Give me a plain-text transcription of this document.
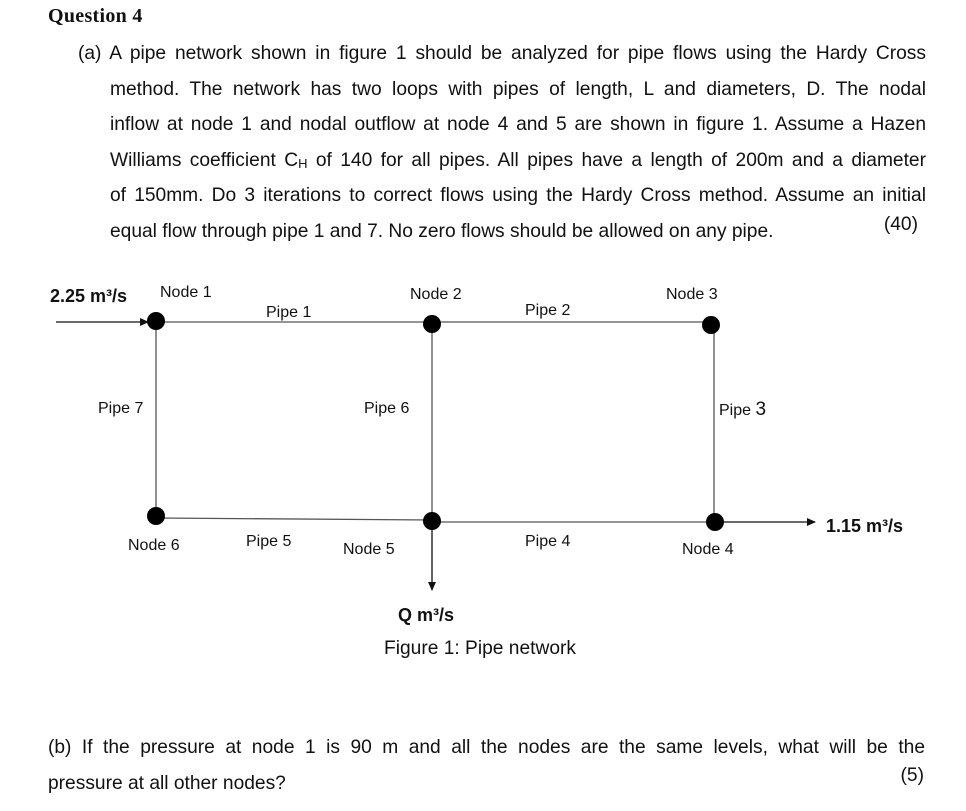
Question 4
(a) A pipe network shown in figure 1 should be analyzed for pipe flows using the Hardy Cross
method. The network has two loops with pipes of length, L and diameters, D. The nodal
inflow at node 1 and nodal outflow at node 4 and 5 are shown in figure 1. Assume a Hazen
Williams coefficient CH of 140 for all pipes. All pipes have a length of 200m and a diameter
of 150mm. Do 3 iterations to correct flows using the Hardy Cross method. Assume an initial
equal flow through pipe 1 and 7. No zero flows should be allowed on any pipe.	(40)
Node 1	Node 2	Node 3
Node 4
Node 5
Node 6
Pipe 1	Pipe 2
Pipe 3
Pipe 4
Pipe 5
Pipe 6
Pipe 7
2.25 m³/s
1.15 m³/s
Q m³/s
Figure 1: Pipe network
(b) If the pressure at node 1 is 90 m and all the nodes are the same levels, what will be the
pressure at all other nodes?	(5)
